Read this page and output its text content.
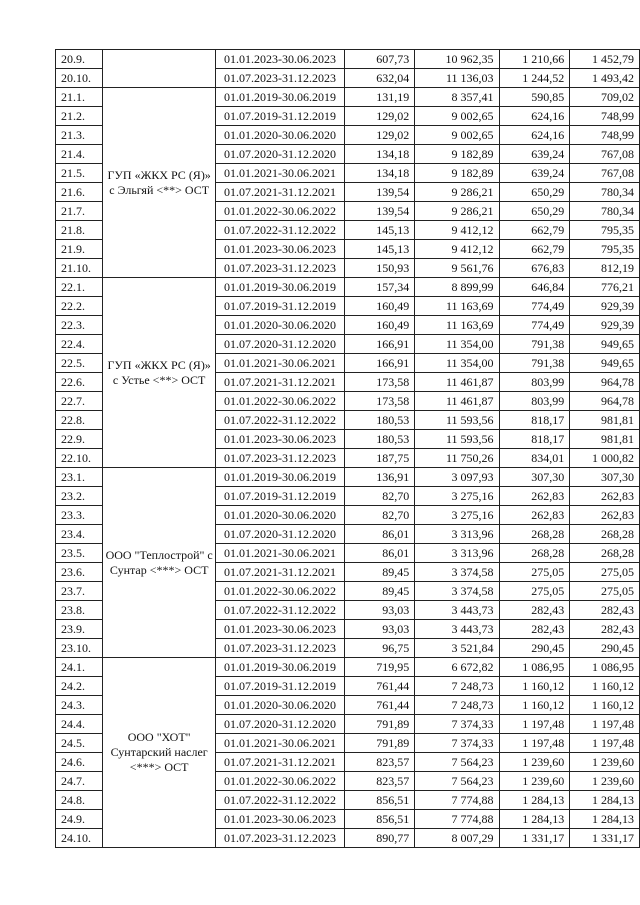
20.9.		01.01.2023-30.06.2023	607,73	10 962,35	1 210,66	1 452,79
20.10.		01.07.2023-31.12.2023	632,04	11 136,03	1 244,52	1 493,42
21.1.	ГУП «ЖКХ РС (Я)» с Эльгяй <**> ОСТ	01.01.2019-30.06.2019	131,19	8 357,41	590,85	709,02
21.2.		01.07.2019-31.12.2019	129,02	9 002,65	624,16	748,99
21.3.		01.01.2020-30.06.2020	129,02	9 002,65	624,16	748,99
21.4.		01.07.2020-31.12.2020	134,18	9 182,89	639,24	767,08
21.5.		01.01.2021-30.06.2021	134,18	9 182,89	639,24	767,08
21.6.		01.07.2021-31.12.2021	139,54	9 286,21	650,29	780,34
21.7.		01.01.2022-30.06.2022	139,54	9 286,21	650,29	780,34
21.8.		01.07.2022-31.12.2022	145,13	9 412,12	662,79	795,35
21.9.		01.01.2023-30.06.2023	145,13	9 412,12	662,79	795,35
21.10.		01.07.2023-31.12.2023	150,93	9 561,76	676,83	812,19
22.1.	ГУП «ЖКХ РС (Я)» с Устье <**> ОСТ	01.01.2019-30.06.2019	157,34	8 899,99	646,84	776,21
22.2.		01.07.2019-31.12.2019	160,49	11 163,69	774,49	929,39
22.3.		01.01.2020-30.06.2020	160,49	11 163,69	774,49	929,39
22.4.		01.07.2020-31.12.2020	166,91	11 354,00	791,38	949,65
22.5.		01.01.2021-30.06.2021	166,91	11 354,00	791,38	949,65
22.6.		01.07.2021-31.12.2021	173,58	11 461,87	803,99	964,78
22.7.		01.01.2022-30.06.2022	173,58	11 461,87	803,99	964,78
22.8.		01.07.2022-31.12.2022	180,53	11 593,56	818,17	981,81
22.9.		01.01.2023-30.06.2023	180,53	11 593,56	818,17	981,81
22.10.		01.07.2023-31.12.2023	187,75	11 750,26	834,01	1 000,82
23.1.	ООО "Теплострой" с Сунтар <***> ОСТ	01.01.2019-30.06.2019	136,91	3 097,93	307,30	307,30
23.2.		01.07.2019-31.12.2019	82,70	3 275,16	262,83	262,83
23.3.		01.01.2020-30.06.2020	82,70	3 275,16	262,83	262,83
23.4.		01.07.2020-31.12.2020	86,01	3 313,96	268,28	268,28
23.5.		01.01.2021-30.06.2021	86,01	3 313,96	268,28	268,28
23.6.		01.07.2021-31.12.2021	89,45	3 374,58	275,05	275,05
23.7.		01.01.2022-30.06.2022	89,45	3 374,58	275,05	275,05
23.8.		01.07.2022-31.12.2022	93,03	3 443,73	282,43	282,43
23.9.		01.01.2023-30.06.2023	93,03	3 443,73	282,43	282,43
23.10.		01.07.2023-31.12.2023	96,75	3 521,84	290,45	290,45
24.1.	ООО "ХОТ" Сунтарский наслег <***> ОСТ	01.01.2019-30.06.2019	719,95	6 672,82	1 086,95	1 086,95
24.2.		01.07.2019-31.12.2019	761,44	7 248,73	1 160,12	1 160,12
24.3.		01.01.2020-30.06.2020	761,44	7 248,73	1 160,12	1 160,12
24.4.		01.07.2020-31.12.2020	791,89	7 374,33	1 197,48	1 197,48
24.5.		01.01.2021-30.06.2021	791,89	7 374,33	1 197,48	1 197,48
24.6.		01.07.2021-31.12.2021	823,57	7 564,23	1 239,60	1 239,60
24.7.		01.01.2022-30.06.2022	823,57	7 564,23	1 239,60	1 239,60
24.8.		01.07.2022-31.12.2022	856,51	7 774,88	1 284,13	1 284,13
24.9.		01.01.2023-30.06.2023	856,51	7 774,88	1 284,13	1 284,13
24.10.		01.07.2023-31.12.2023	890,77	8 007,29	1 331,17	1 331,17
